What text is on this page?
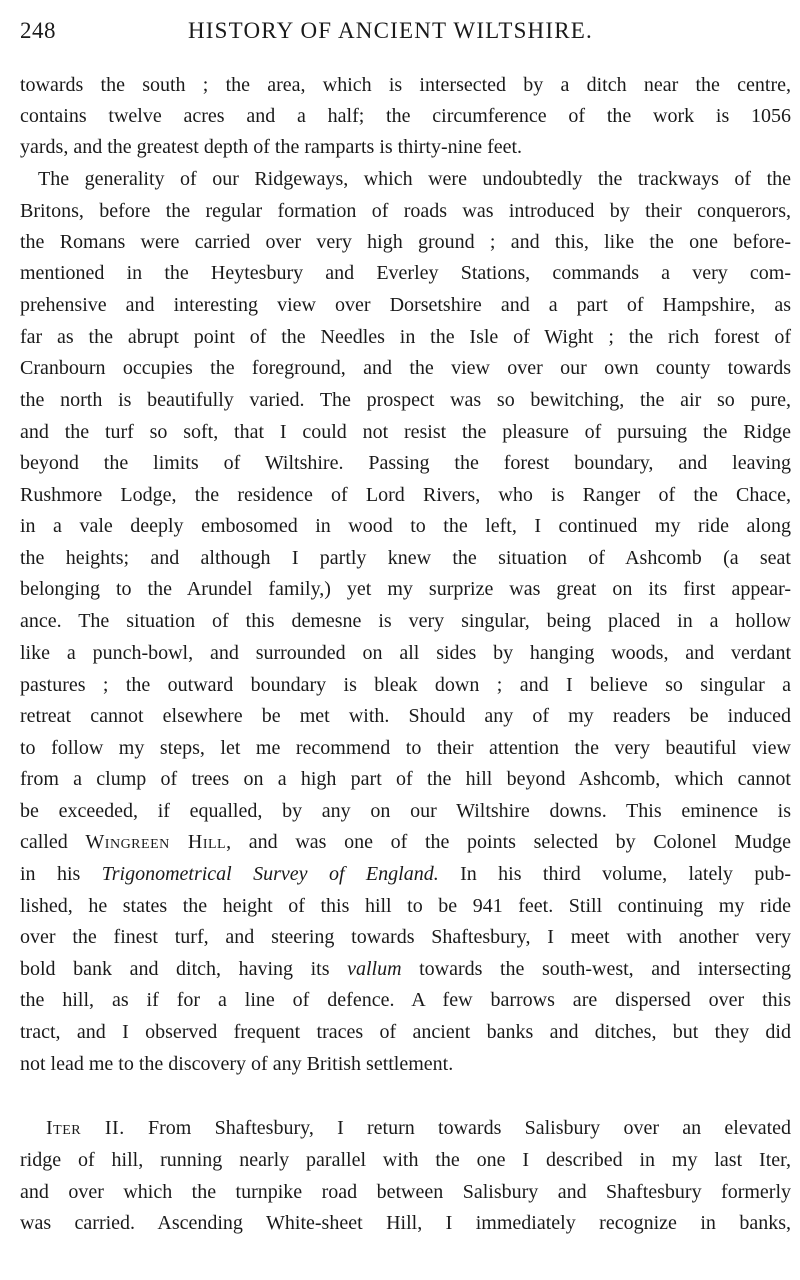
248	HISTORY OF ANCIENT WILTSHIRE.
towards the south ; the area, which is intersected by a ditch near the centre,
contains twelve acres and a half; the circumference of the work is 1056
yards, and the greatest depth of the ramparts is thirty-nine feet.
The generality of our Ridgeways, which were undoubtedly the trackways of the
Britons, before the regular formation of roads was introduced by their conquerors,
the Romans were carried over very high ground ; and this, like the one before-
mentioned in the Heytesbury and Everley Stations, commands a very com-
prehensive and interesting view over Dorsetshire and a part of Hampshire, as
far as the abrupt point of the Needles in the Isle of Wight ; the rich forest of
Cranbourn occupies the foreground, and the view over our own county towards
the north is beautifully varied. The prospect was so bewitching, the air so pure,
and the turf so soft, that I could not resist the pleasure of pursuing the Ridge
beyond the limits of Wiltshire. Passing the forest boundary, and leaving
Rushmore Lodge, the residence of Lord Rivers, who is Ranger of the Chace,
in a vale deeply embosomed in wood to the left, I continued my ride along
the heights; and although I partly knew the situation of Ashcomb (a seat
belonging to the Arundel family,) yet my surprize was great on its first appear-
ance. The situation of this demesne is very singular, being placed in a hollow
like a punch-bowl, and surrounded on all sides by hanging woods, and verdant
pastures ; the outward boundary is bleak down ; and I believe so singular a
retreat cannot elsewhere be met with. Should any of my readers be induced
to follow my steps, let me recommend to their attention the very beautiful view
from a clump of trees on a high part of the hill beyond Ashcomb, which cannot
be exceeded, if equalled, by any on our Wiltshire downs. This eminence is
called Wingreen Hill, and was one of the points selected by Colonel Mudge
in his Trigonometrical Survey of England. In his third volume, lately pub-
lished, he states the height of this hill to be 941 feet. Still continuing my ride
over the finest turf, and steering towards Shaftesbury, I meet with another very
bold bank and ditch, having its vallum towards the south-west, and intersecting
the hill, as if for a line of defence. A few barrows are dispersed over this
tract, and I observed frequent traces of ancient banks and ditches, but they did
not lead me to the discovery of any British settlement.
Iter II. From Shaftesbury, I return towards Salisbury over an elevated
ridge of hill, running nearly parallel with the one I described in my last Iter,
and over which the turnpike road between Salisbury and Shaftesbury formerly
was carried. Ascending White-sheet Hill, I immediately recognize in banks,
